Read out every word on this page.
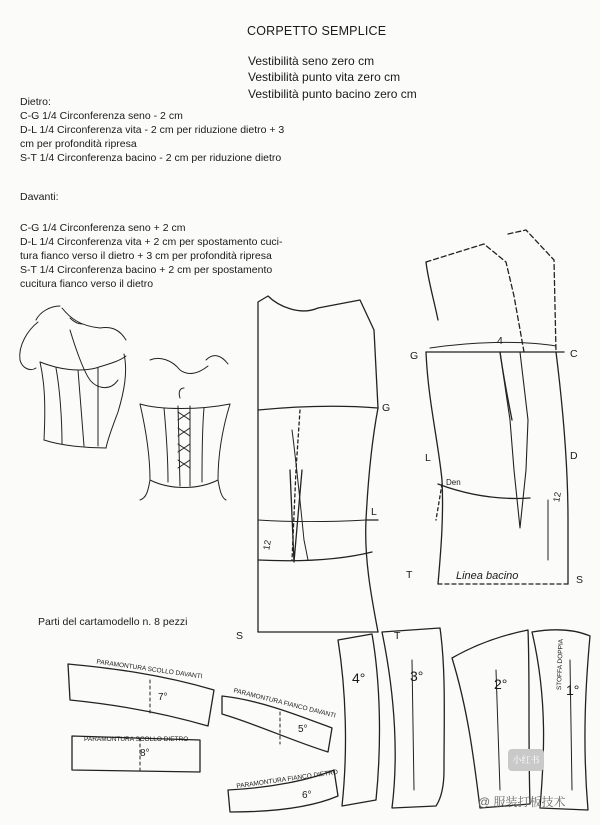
CORPETTO SEMPLICE
Vestibilità seno zero cm
Vestibilità punto vita zero cm
Vestibilità punto bacino zero cm
Dietro:
C-G 1/4 Circonferenza seno - 2 cm
D-L 1/4 Circonferenza vita - 2 cm per riduzione dietro + 3
cm per profondità ripresa
S-T 1/4 Circonferenza bacino - 2 cm per riduzione dietro
Davanti:
C-G 1/4 Circonferenza seno + 2 cm
D-L 1/4 Circonferenza vita + 2 cm per spostamento cuci-
tura fianco verso il dietro + 3 cm per profondità ripresa
S-T 1/4 Circonferenza bacino + 2 cm per spostamento
cucitura fianco verso il dietro
G
L
S	T
12
G
4
C
L	D
T	S
Linea bacino
Den
12
Parti del cartamodello n. 8 pezzi
4°	3°	2°	1°
7°
8°
5°
6°
PARAMONTURA SCOLLO DAVANTI
PARAMONTURA FIANCO DAVANTI
PARAMONTURA SCOLLO DIETRO
PARAMONTURA FIANCO DIETRO
STOFFA DOPPIA
小红书
@ 服装打板技术
